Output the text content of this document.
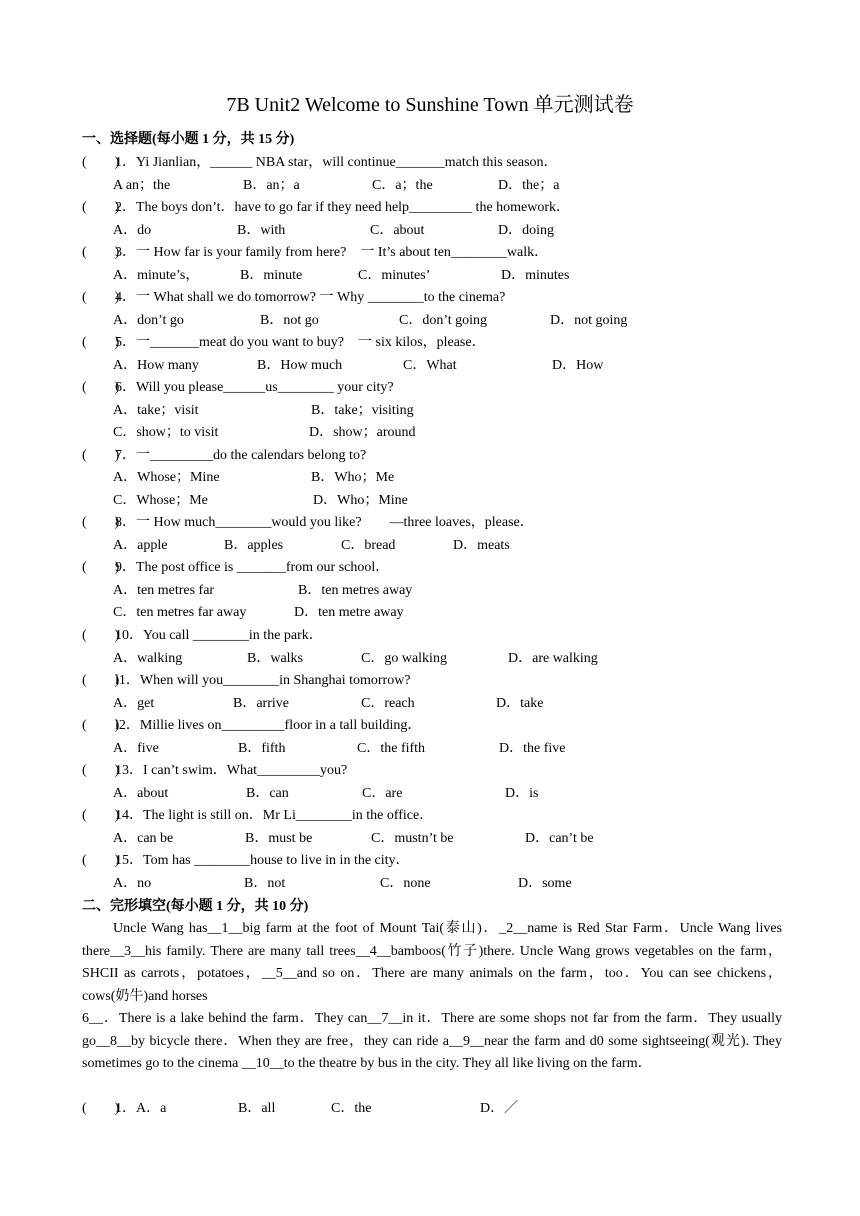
7B Unit2 Welcome to Sunshine Town 单元测试卷
一、选择题(每小题 1 分，共 15 分)
(　　)1．Yi Jianlian，______ NBA star，will continue_______match this season．
A an；the	B．an；a	C．a；the	D．the；a
(　　)2．The boys don’t．have to go far if they need help_________ the homework．
A．do	B．with	C．about	D．doing
(　　)3．一 How far is your family from here?　一 It’s about ten________walk．
A．minute’s，	B．minute	C．minutes’	D．minutes
(　　)4．一 What shall we do tomorrow? 一 Why ________to the cinema?
A．don’t go	B．not go	C．don’t going	D．not going
(　　)5．一_______meat do you want to buy?　一 six kilos，please．
A．How many	B．How much	C．What	D．How
(　　)6．Will you please______us________ your city?
A．take；visit	B．take；visiting
C．show；to visit	D．show；around
(　　)7．一_________do the calendars belong to?
A．Whose；Mine	B．Who；Me
C．Whose；Me	D．Who；Mine
(　　)8．一 How much________would you like?　　—three loaves，please．
A．apple	B．apples	C．bread	D．meats
(　　)9．The post office is _______from our school．
A．ten metres far	B．ten metres away
C．ten metres far away	D．ten metre away
(　　)10．You call ________in the park．
A．walking	B．walks	C．go walking	D．are walking
(　　)l1．When will you________in Shanghai tomorrow?
A．get	B．arrive	C．reach	D．take
(　　)l2．Millie lives on_________floor in a tall building．
A．five	B．fifth	C．the fifth	D．the five
(　　)13．I can’t swim．What_________you?
A．about	B．can	C．are	D．is
(　　)14．The light is still on．Mr Li________in the office．
A．can be	B．must be	C．mustn’t be	D．can’t be
(　　)15．Tom has ________house to live in in the city．
A．no	B．not	C．none	D．some
二、完形填空(每小题 1 分，共 10 分)

Uncle Wang has__1__big farm at the foot of Mount Tai(泰山)．_2__name is Red Star Farm．Uncle Wang lives there__3__his family. There are many tall trees__4__bamboos(竹子)there. Uncle Wang grows vegetables on the farm，SHCII as carrots，potatoes，__5__and so on．There are many animals on the farm，too．You can see chickens，cows(奶牛)and horses

6__．There is a lake behind the farm．They can__7__in it．There are some shops not far from the farm．They usually go__8__by bicycle there．When they are free，they can ride a__9__near the farm and d0 some sightseeing(观光). They sometimes go to the cinema __10__to the theatre by bus in the city. They all like living on the farm．

(　　)1．A．a	B．all	C．the	D．／
